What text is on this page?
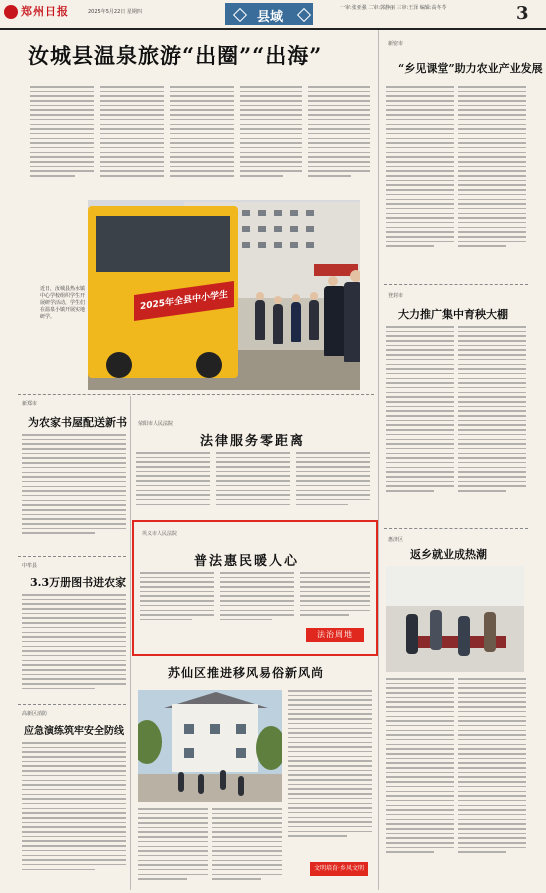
郑州日报	2025年5月22日 星期四	县域
一审:张亚强 二审:郭静丽 三审:王泽 编辑:高冬苓	3
汝城县温泉旅游“出圈”“出海”
2025年全县中小学生
近日，汝城县热水镇中心学校组织学生开展研学活动，学生们在温泉小镇开展实地研学。
新密市
“乡见课堂”助力农业产业发展
登封市
大力推广集中育秧大棚
惠济区
返乡就业成热潮
新郑市
为农家书屋配送新书 荥阳市人民法院
法律服务零距离
中牟县
3.3万册图书进农家
巩义市人民法院
普法惠民暖人心
法治周地
高新区消防
应急演练筑牢安全防线
苏仙区推进移风易俗新风尚
文明培育·乡风文明
